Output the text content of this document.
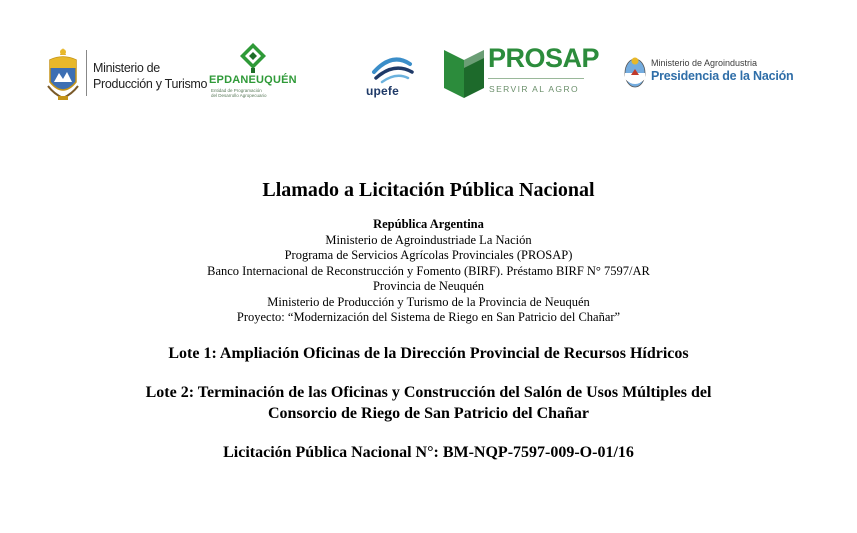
Ministerio de
Producción y Turismo EPDANEUQUÉN
Entidad de Programación
del Desarrollo Agropecuario	upefe
PROSAP
SERVIR AL AGRO
Ministerio de Agroindustria
Presidencia de la Nación
Llamado a Licitación Pública Nacional
República Argentina
Ministerio de Agroindustriade La Nación
Programa de Servicios Agrícolas Provinciales (PROSAP)
Banco Internacional de Reconstrucción y Fomento (BIRF). Préstamo BIRF N° 7597/AR
Provincia de Neuquén
Ministerio de Producción y Turismo de la Provincia de Neuquén
Proyecto: “Modernización del Sistema de Riego en San Patricio del Chañar”
Lote 1: Ampliación Oficinas de la Dirección Provincial de Recursos Hídricos
Lote 2: Terminación de las Oficinas y Construcción del Salón de Usos Múltiples del
Consorcio de Riego de San Patricio del Chañar
Licitación Pública Nacional N°: BM-NQP-7597-009-O-01/16
